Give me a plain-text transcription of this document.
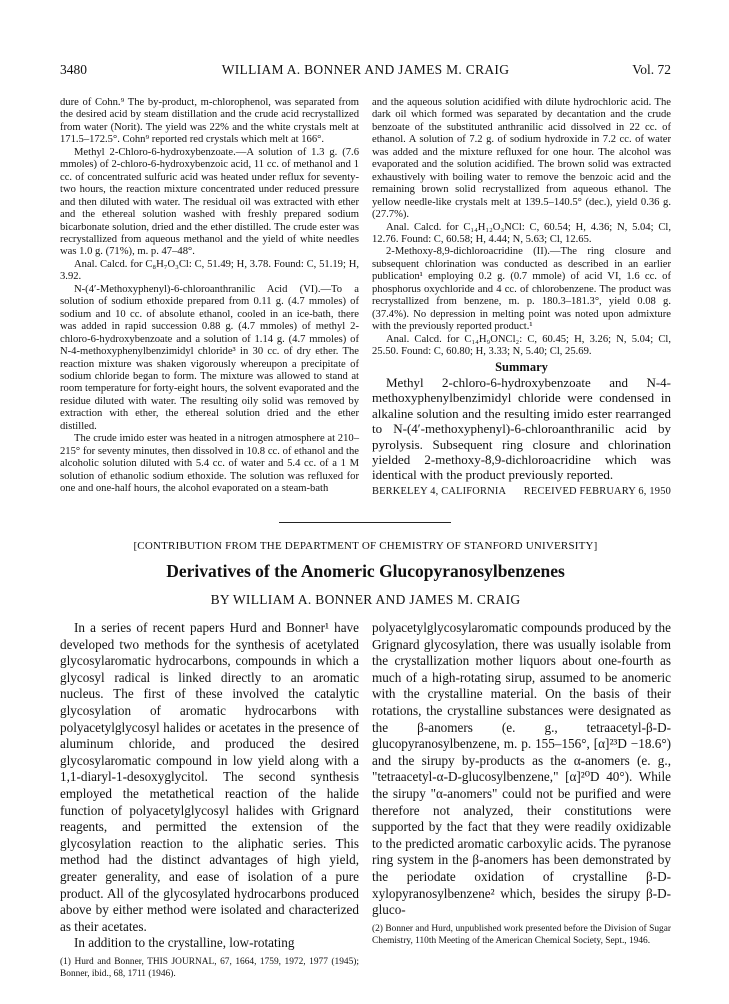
3480	WILLIAM A. BONNER AND JAMES M. CRAIG	Vol. 72

dure of Cohn.⁹ The by-product, m-chlorophenol, was separated from the desired acid by steam distillation and the crude acid recrystallized from water (Norit). The yield was 22% and the white crystals melt at 171.5–172.5°. Cohn⁹ reported red crystals which melt at 166°.

Methyl 2-Chloro-6-hydroxybenzoate.—A solution of 1.3 g. (7.6 mmoles) of 2-chloro-6-hydroxybenzoic acid, 11 cc. of methanol and 1 cc. of concentrated sulfuric acid was heated under reflux for seventy-two hours, the reaction mixture concentrated under reduced pressure and then diluted with water. The residual oil was extracted with ether and the ethereal solution washed with freshly prepared sodium bicarbonate solution, dried and the ether distilled. The crude ester was recrystallized from aqueous methanol and the yield of white needles was 1.0 g. (71%), m. p. 47–48°.

Anal. Calcd. for C₈H₇O₃Cl: C, 51.49; H, 3.78. Found: C, 51.19; H, 3.92.

N-(4′-Methoxyphenyl)-6-chloroanthranilic Acid (VI).—To a solution of sodium ethoxide prepared from 0.11 g. (4.7 mmoles) of sodium and 10 cc. of absolute ethanol, cooled in an ice-bath, there was added in rapid succession 0.88 g. (4.7 mmoles) of methyl 2-chloro-6-hydroxybenzoate and a solution of 1.14 g. (4.7 mmoles) of N-4-methoxyphenylbenzimidyl chloride³ in 30 cc. of dry ether. The reaction mixture was shaken vigorously whereupon a precipitate of sodium chloride began to form. The mixture was allowed to stand at room temperature for forty-eight hours, the solvent evaporated and the residue diluted with water. The resulting oily solid was removed by extraction with ether, the ethereal solution dried and the ether distilled.

The crude imido ester was heated in a nitrogen atmosphere at 210–215° for seventy minutes, then dissolved in 10.8 cc. of ethanol and the alcoholic solution diluted with 5.4 cc. of water and 5.4 cc. of a 1 M solution of ethanolic sodium ethoxide. The solution was refluxed for one and one-half hours, the alcohol evaporated on a steam-bath

and the aqueous solution acidified with dilute hydrochloric acid. The dark oil which formed was separated by decantation and the crude benzoate of the substituted anthranilic acid dissolved in 22 cc. of ethanol. A solution of 7.2 g. of sodium hydroxide in 7.2 cc. of water was added and the mixture refluxed for one hour. The alcohol was evaporated and the solution acidified. The brown solid was extracted exhaustively with boiling water to remove the benzoic acid and the remaining brown solid recrystallized from aqueous ethanol. The yellow needle-like crystals melt at 139.5–140.5° (dec.), yield 0.36 g. (27.7%).

Anal. Calcd. for C₁₄H₁₂O₃NCl: C, 60.54; H, 4.36; N, 5.04; Cl, 12.76. Found: C, 60.58; H, 4.44; N, 5.63; Cl, 12.65.

2-Methoxy-8,9-dichloroacridine (II).—The ring closure and subsequent chlorination was conducted as described in an earlier publication¹ employing 0.2 g. (0.7 mmole) of acid VI, 1.6 cc. of phosphorus oxychloride and 4 cc. of chlorobenzene. The product was recrystallized from benzene, m. p. 180.3–181.3°, yield 0.08 g. (37.4%). No depression in melting point was noted upon admixture with the previously reported product.¹

Anal. Calcd. for C₁₄H₉ONCl₂: C, 60.45; H, 3.26; N, 5.04; Cl, 25.50. Found: C, 60.80; H, 3.33; N, 5.40; Cl, 25.69.

Summary

Methyl 2-chloro-6-hydroxybenzoate and N-4-methoxyphenylbenzimidyl chloride were condensed in alkaline solution and the resulting imido ester rearranged to N-(4′-methoxyphenyl)-6-chloroanthranilic acid by pyrolysis. Subsequent ring closure and chlorination yielded 2-methoxy-8,9-dichloroacridine which was identical with the product previously reported.

BERKELEY 4, CALIFORNIA RECEIVED FEBRUARY 6, 1950

[CONTRIBUTION FROM THE DEPARTMENT OF CHEMISTRY OF STANFORD UNIVERSITY]
Derivatives of the Anomeric Glucopyranosylbenzenes
BY WILLIAM A. BONNER AND JAMES M. CRAIG

In a series of recent papers Hurd and Bonner¹ have developed two methods for the synthesis of acetylated glycosylaromatic hydrocarbons, compounds in which a glycosyl radical is linked directly to an aromatic nucleus. The first of these involved the catalytic glycosylation of aromatic hydrocarbons with polyacetylglycosyl halides or acetates in the presence of aluminum chloride, and produced the desired glycosylaromatic compound in low yield along with a 1,1-diaryl-1-desoxyglycitol. The second synthesis employed the metathetical reaction of the halide function of polyacetylglycosyl halides with Grignard reagents, and permitted the extension of the glycosylation reaction to the aliphatic series. This method had the distinct advantages of high yield, greater generality, and ease of isolation of a pure product. All of the glycosylated hydrocarbons produced above by either method were isolated and characterized as their acetates.

In addition to the crystalline, low-rotating

(1) Hurd and Bonner, THIS JOURNAL, 67, 1664, 1759, 1972, 1977 (1945); Bonner, ibid., 68, 1711 (1946).

polyacetylglycosylaromatic compounds produced by the Grignard glycosylation, there was usually isolable from the crystallization mother liquors about one-fourth as much of a high-rotating sirup, assumed to be anomeric with the crystalline material. On the basis of their rotations, the crystalline substances were designated as the β-anomers (e. g., tetraacetyl-β-D-glucopyranosylbenzene, m. p. 155–156°, [α]²³D −18.6°) and the sirupy by-products as the α-anomers (e. g., "tetraacetyl-α-D-glucosylbenzene," [α]²⁰D 40°). While the sirupy "α-anomers" could not be purified and were therefore not analyzed, their constitutions were supported by the fact that they were readily oxidizable to the predicted aromatic carboxylic acids. The pyranose ring system in the β-anomers has been demonstrated by the periodate oxidation of crystalline β-D-xylopyranosylbenzene² which, besides the sirupy β-D-gluco-

(2) Bonner and Hurd, unpublished work presented before the Division of Sugar Chemistry, 110th Meeting of the American Chemical Society, Sept., 1946.
